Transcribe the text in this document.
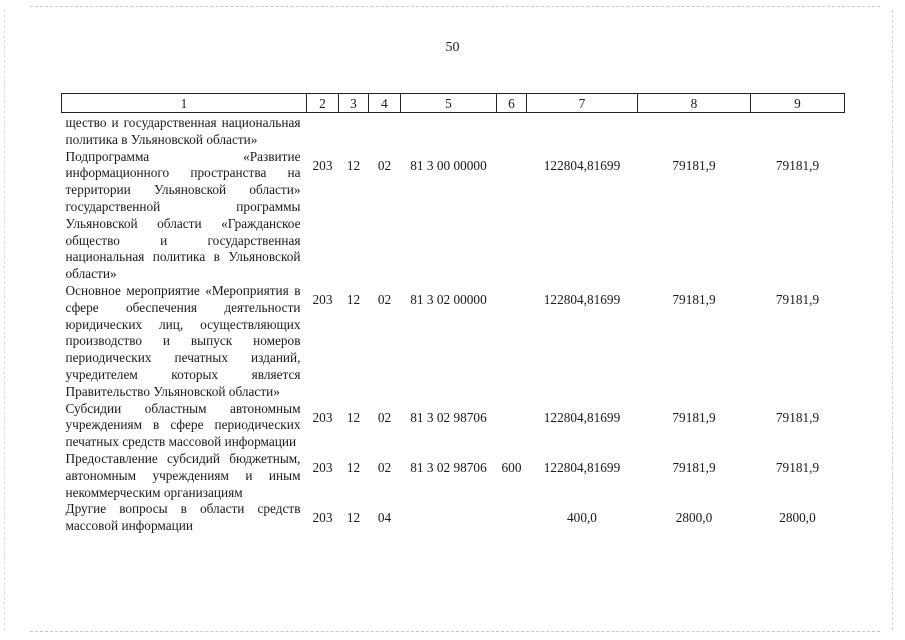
50
1	2	3	4	5	6	7	8	9
щество и государственная национальная политика в Ульяновской области»								
Подпрограмма «Развитие информационного пространства на территории Ульяновской области» государственной программы Ульяновской области «Гражданское общество и государственная национальная политика в Ульяновской области»	203	12	02	81 3 00 00000		122804,81699	79181,9	79181,9
Основное мероприятие «Мероприятия в сфере обеспечения деятельности юридических лиц, осуществляющих производство и выпуск номеров периодических печатных изданий, учредителем которых является Правительство Ульяновской области»	203	12	02	81 3 02 00000		122804,81699	79181,9	79181,9
Субсидии областным автономным учреждениям в сфере периодических печатных средств массовой информации	203	12	02	81 3 02 98706		122804,81699	79181,9	79181,9
Предоставление субсидий бюджетным, автономным учреждениям и иным некоммерческим организациям	203	12	02	81 3 02 98706	600	122804,81699	79181,9	79181,9
Другие вопросы в области средств массовой информации	203	12	04			400,0	2800,0	2800,0
